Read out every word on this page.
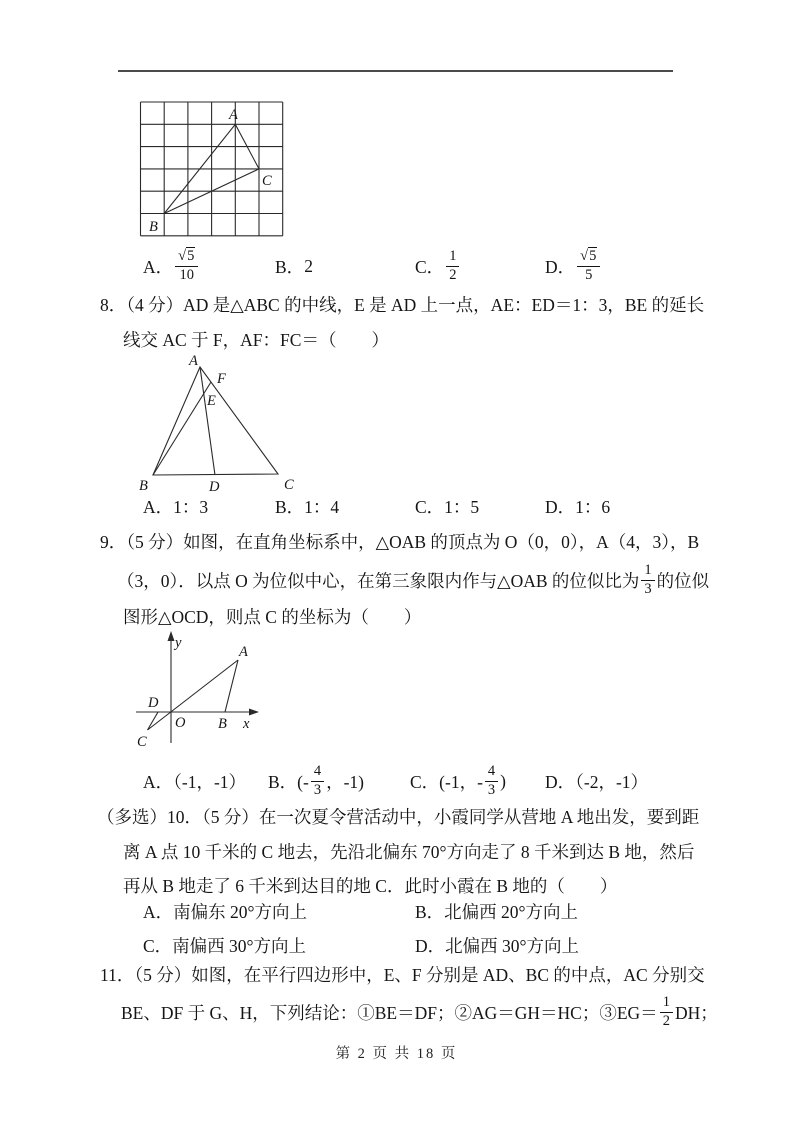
A
C
B
A． $\frac{√5}{10}$	B． 2	C． $\frac{1}{2}$	D． $\frac{√5}{5}$
8．（4 分）AD 是△ABC 的中线，E 是 AD 上一点，AE：ED＝1：3，BE 的延长
线交 AC 于 F，AF：FC＝（　　）
A
F
E
B	D	C
A．1：3	B．1：4	C．1：5	D．1：6
9．（5 分）如图，在直角坐标系中，△OAB 的顶点为 O（0，0），A（4，3），B
（3，0）．以点 O 为位似中心，在第三象限内作与△OAB 的位似比为 $\frac{1}{3}$ 的位似
图形△OCD，则点 C 的坐标为（　　）
y
x
O B
D
A
C
A．（-1，-1） B．(- $\frac{4}{3}$ ，-1)	C．(-1，- $\frac{4}{3}$ ) D．（-2，-1）
（多选）10．（5 分）在一次夏令营活动中，小霞同学从营地 A 地出发，要到距
离 A 点 10 千米的 C 地去，先沿北偏东 70°方向走了 8 千米到达 B 地，然后
再从 B 地走了 6 千米到达目的地 C．此时小霞在 B 地的（　　）
A．南偏东 20°方向上	B．北偏西 20°方向上
C．南偏西 30°方向上	D．北偏西 30°方向上
11．（5 分）如图，在平行四边形中，E、F 分别是 AD、BC 的中点，AC 分别交
BE、DF 于 G、H，下列结论：①BE＝DF；②AG＝GH＝HC；③EG＝ $\frac{1}{2}$ DH；
第 2 页 共 18 页
